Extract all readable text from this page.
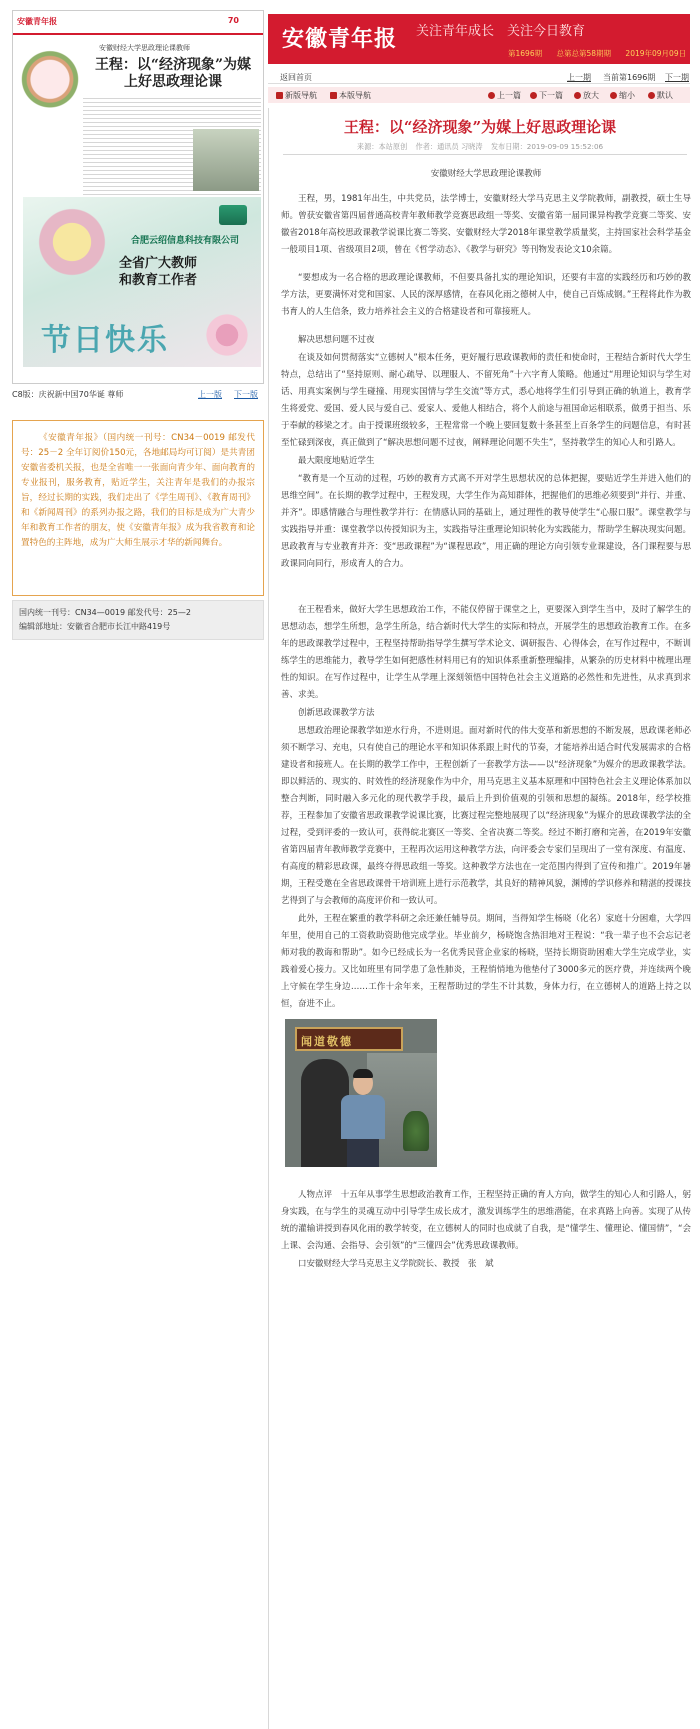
安徽青年报	70
安徽财经大学思政理论课教师
王程：以“经济现象”为媒
上好思政理论课
合肥云绍信息科技有限公司
全省广大教师
和教育工作者
节日快乐
C8版：庆祝新中国70华诞 尊师	上一版 下一版

《安徽青年报》（国内统一刊号：CN34－0019 邮发代号：25－2 全年订阅价150元，各地邮局均可订阅）是共青团安徽省委机关报，也是全省唯一一张面向青少年、面向教育的专业报刊，服务教育，贴近学生，关注青年是我们的办报宗旨，经过长期的实践，我们走出了《学生周刊》、《教育周刊》和《新闻周刊》的系列办报之路，我们的目标是成为广大青少年和教育工作者的朋友，使《安徽青年报》成为我省教育和论置特色的主阵地，成为广大师生展示才华的新闻舞台。

国内统一刊号：CN34—0019 邮发代号：25—2
编辑部地址：安徽省合肥市长江中路419号
安徽青年报 关注青年成长　关注今日教育
第1696期 总第总第58期期 2019年09月09日
返回首页	上一期 当前第1696期 下一期
新版导航	本版导航	上一篇	下一篇	放大	缩小	默认
王程：以“经济现象”为媒上好思政理论课
来源：本站原创 作者：通讯员 习晓涛 发布日期：2019-09-09 15:52:06

安徽财经大学思政理论课教师

王程，男，1981年出生，中共党员，法学博士，安徽财经大学马克思主义学院教师，副教授，硕士生导师。曾获安徽省第四届普通高校青年教师教学竞赛思政组一等奖、安徽省第一届同课异构教学竞赛二等奖、安徽省2018年高校思政课教学说课比赛二等奖、安徽财经大学2018年课堂教学质量奖，主持国家社会科学基金一般项目1项、省级项目2项，曾在《哲学动态》、《教学与研究》等刊物发表论文10余篇。

“要想成为一名合格的思政理论课教师，不但要具备扎实的理论知识，还要有丰富的实践经历和巧妙的教学方法，更要满怀对党和国家、人民的深厚感情，在春风化雨之德树人中，使自己百炼成钢。”王程将此作为教书育人的人生信条，致力培养社会主义的合格建设者和可靠接班人。

解决思想问题不过夜

在谈及如何贯彻落实“立德树人”根本任务，更好履行思政课教师的责任和使命时，王程结合新时代大学生特点，总结出了“坚持原则、耐心疏导、以理服人、不留死角”十六字育人策略。他通过“用理论知识与学生对话、用真实案例与学生碰撞、用现实国情与学生交流”等方式，悉心地将学生们引导到正确的轨道上，教育学生将爱党、爱国、爱人民与爱自己、爱家人、爱他人相结合，将个人前途与祖国命运相联系，做勇于担当、乐于奉献的移梁之才。由于授课班级较多，王程常常一个晚上要回复数十条甚至上百条学生的问题信息，有时甚至忙碌到深夜，真正做到了“解决思想问题不过夜，阐释理论问题不失生”，坚持教学生的知心人和引路人。

最大限度地贴近学生

“教育是一个互动的过程，巧妙的教育方式离不开对学生思想状况的总体把握，要贴近学生并进入他们的思维空间”。在长期的教学过程中，王程发现，大学生作为高知群体，把握他们的思维必须要到“并行、并重、并齐”。即感情融合与理性教学并行：在情感认同的基础上，通过理性的教导使学生“心服口服”。课堂教学与实践指导并重：课堂教学以传授知识为主，实践指导注重理论知识转化为实践能力，帮助学生解决现实问题。思政教育与专业教育并齐：变“思政课程”为“课程思政”，用正确的理论方向引领专业课建设，各门课程要与思政课同向同行，形成育人的合力。

在王程看来，做好大学生思想政治工作，不能仅停留于课堂之上，更要深入到学生当中，及时了解学生的思想动态，想学生所想，急学生所急，结合新时代大学生的实际和特点，开展学生的思想政治教育工作。在多年的思政课教学过程中，王程坚持帮助指导学生撰写学术论文、调研报告、心得体会，在写作过程中，不断训练学生的思维能力，教导学生如何把感性材料用已有的知识体系重新整理编排，从繁杂的历史材料中梳理出理性的知识。在写作过程中，让学生从学理上深刻领悟中国特色社会主义道路的必然性和先进性，从求真到求善、求美。

创新思政课教学方法

思想政治理论课教学如逆水行舟，不进则退。面对新时代的伟大变革和新思想的不断发展，思政课老师必须不断学习、充电，只有使自己的理论水平和知识体系跟上时代的节奏，才能培养出适合时代发展需求的合格建设者和接班人。在长期的教学工作中，王程创新了一套教学方法——以“经济现象”为媒介的思政课教学法。即以鲜活的、现实的、时效性的经济现象作为中介，用马克思主义基本原理和中国特色社会主义理论体系加以整合判断，同时融入多元化的现代教学手段，最后上升到价值观的引领和思想的凝练。2018年，经学校推荐，王程参加了安徽省思政课教学说课比赛，比赛过程完整地展现了以“经济现象”为媒介的思政课教学法的全过程，受到评委的一致认可，获得皖北赛区一等奖、全省决赛二等奖。经过不断打磨和完善，在2019年安徽省第四届青年教师教学竞赛中，王程再次运用这种教学方法，向评委会专家们呈现出了一堂有深度、有温度、有高度的精彩思政课，最终夺得思政组一等奖。这种教学方法也在一定范围内得到了宣传和推广。2019年暑期，王程受邀在全省思政课骨干培训班上进行示范教学，其良好的精神风貌，渊博的学识修养和精湛的授课技艺得到了与会教师的高度评价和一致认可。

此外，王程在繁重的教学科研之余还兼任辅导员。期间，当得知学生杨晓（化名）家庭十分困难，大学四年里，使用自己的工资救助资助他完成学业。毕业前夕，杨晓饱含热泪地对王程说：“我一辈子也不会忘记老师对我的教诲和帮助”。如今已经成长为一名优秀民营企业家的杨晓，坚持长期资助困难大学生完成学业，实践着爱心接力。又比如班里有同学患了急性肺炎，王程悄悄地为他垫付了3000多元的医疗费，并连续两个晚上守候在学生身边……工作十余年来，王程帮助过的学生不计其数，身体力行，在立德树人的道路上持之以恒，奋进不止。

闻道敬德

人物点评　十五年从事学生思想政治教育工作，王程坚持正确的育人方向，做学生的知心人和引路人，躬身实践，在与学生的灵魂互动中引导学生成长成才，激发训练学生的思维潜能，在求真路上向善。实现了从传统的灌输讲授到春风化雨的教学转变，在立德树人的同时也成就了自我，是“懂学生、懂理论、懂国情”，“会上课、会沟通、会指导、会引领”的“三懂四会”优秀思政课教师。

口安徽财经大学马克思主义学院院长、教授　张　斌
